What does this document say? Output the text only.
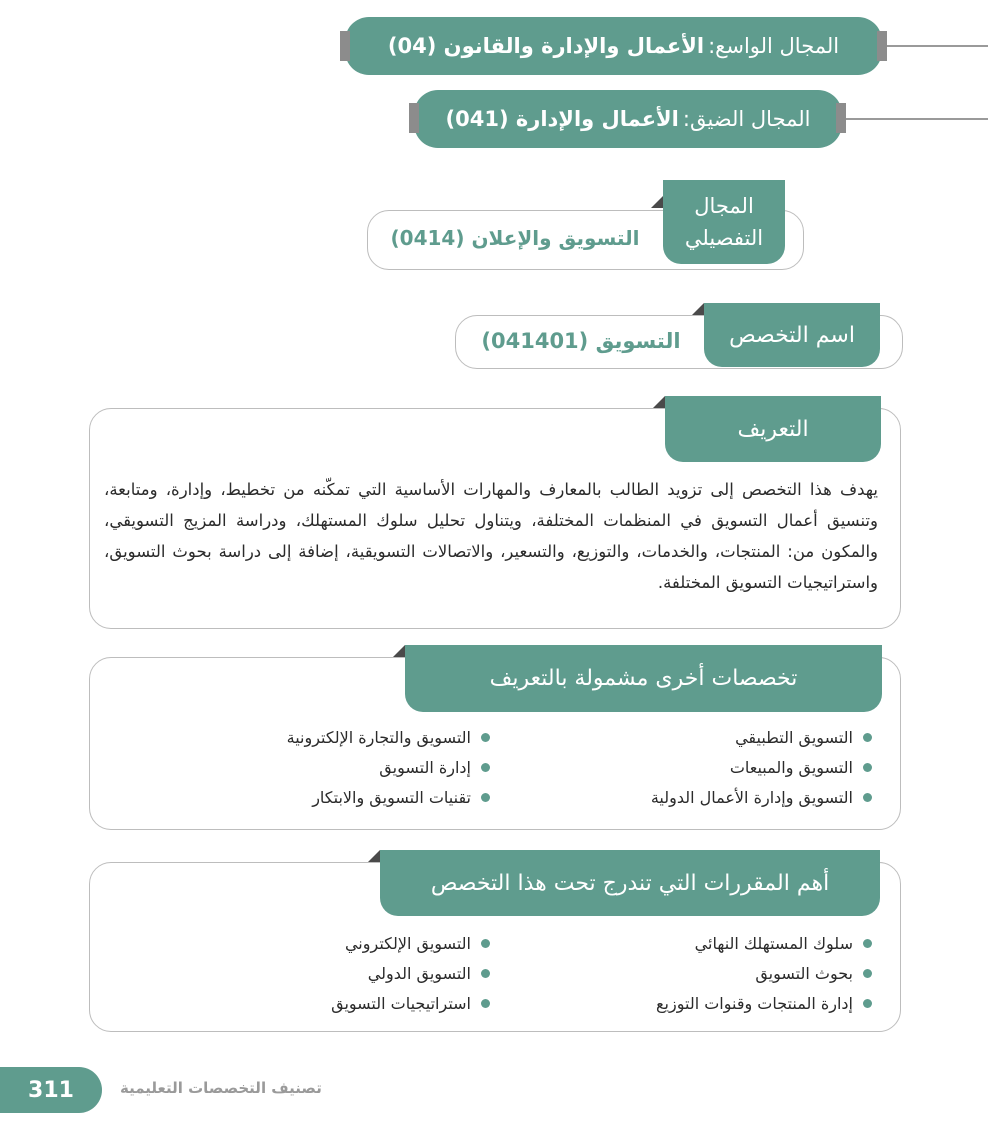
المجال الواسع:
الأعمال والإدارة والقانون (04)
المجال الضيق:
الأعمال والإدارة (041)
المجال
التفصيلي
التسويق والإعلان (0414)
اسم التخصص
التسويق (041401)
التعريف
يهدف هذا التخصص إلى تزويد الطالب بالمعارف والمهارات الأساسية التي تمكّنه من تخطيط، وإدارة، ومتابعة، وتنسيق أعمال التسويق في المنظمات المختلفة، ويتناول تحليل سلوك المستهلك، ودراسة المزيج التسويقي، والمكون من: المنتجات، والخدمات، والتوزيع، والتسعير، والاتصالات التسويقية، إضافة إلى دراسة بحوث التسويق، واستراتيجيات التسويق المختلفة.
تخصصات أخرى مشمولة بالتعريف
التسويق التطبيقي
التسويق والمبيعات
التسويق وإدارة الأعمال الدولية
التسويق والتجارة الإلكترونية
إدارة التسويق
تقنيات التسويق والابتكار
أهم المقررات التي تندرج تحت هذا التخصص
سلوك المستهلك النهائي
بحوث التسويق
إدارة المنتجات وقنوات التوزيع
التسويق الإلكتروني
التسويق الدولي
استراتيجيات التسويق
311	تصنيف التخصصات التعليمية
